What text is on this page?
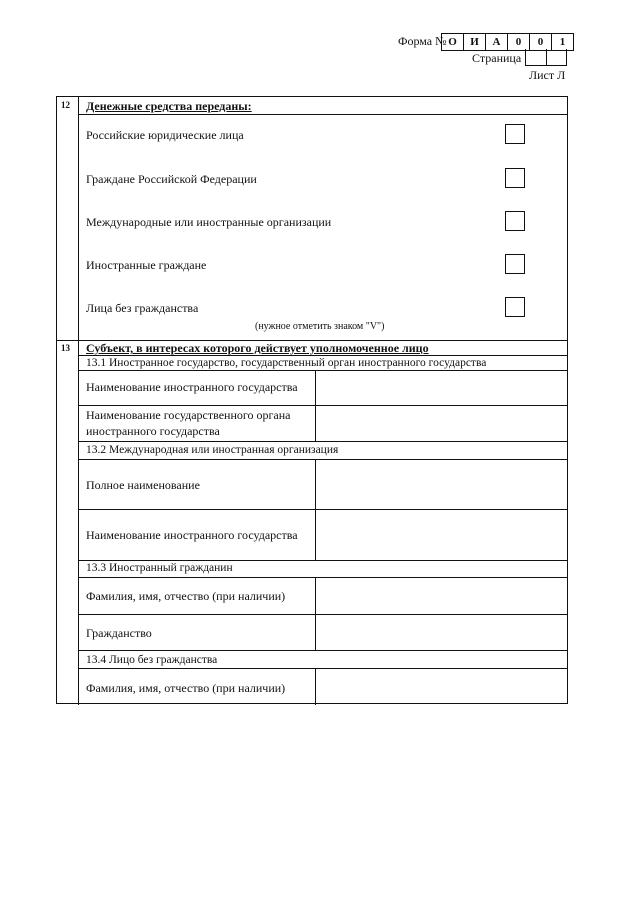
Форма № О	И	А	0	0	1
Страница
Лист Л
12 Денежные средства переданы:
Российские юридические лица
Граждане Российской Федерации
Международные или иностранные организации
Иностранные граждане
Лица без гражданства
(нужное отметить знаком "V")
13 Субъект, в интересах которого действует уполномоченное лицо
13.1 Иностранное государство, государственный орган иностранного государства
Наименование иностранного государства
Наименование государственного органа
иностранного государства
13.2 Международная или иностранная организация
Полное наименование
Наименование иностранного государства
13.3 Иностранный гражданин
Фамилия, имя, отчество (при наличии)
Гражданство
13.4 Лицо без гражданства
Фамилия, имя, отчество (при наличии)
